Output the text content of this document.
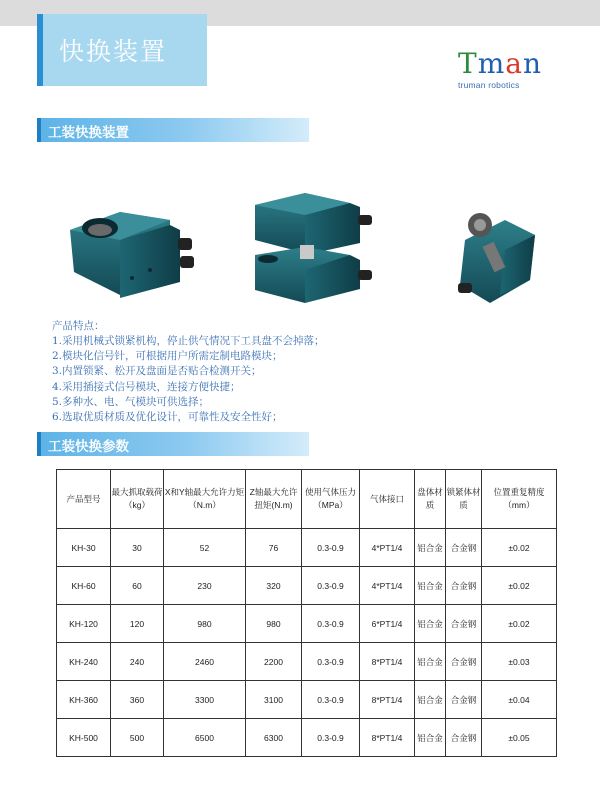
快换装置	Tman
truman robotics
工装快换装置
产品特点：
1.采用机械式锁紧机构，停止供气情况下工具盘不会掉落；
2.模块化信号针，可根据用户所需定制电路模块；
3.内置锁紧、松开及盘面是否贴合检测开关；
4.采用插接式信号模块，连接方便快捷；
5.多种水、电、气模块可供选择；
6.选取优质材质及优化设计，可靠性及安全性好；
工装快换参数
产品型号	最大抓取载荷（kg）	X和Y轴最大允许力矩（N.m）	Z轴最大允许扭矩(N.m)	使用气体压力（MPa）	气体接口	盘体材质	锁紧体材质	位置重复精度（mm）
KH-30	30	52	76	0.3-0.9	4*PT1/4	铝合金	合金钢	±0.02
KH-60	60	230	320	0.3-0.9	4*PT1/4	铝合金	合金钢	±0.02
KH-120	120	980	980	0.3-0.9	6*PT1/4	铝合金	合金钢	±0.02
KH-240	240	2460	2200	0.3-0.9	8*PT1/4	铝合金	合金钢	±0.03
KH-360	360	3300	3100	0.3-0.9	8*PT1/4	铝合金	合金钢	±0.04
KH-500	500	6500	6300	0.3-0.9	8*PT1/4	铝合金	合金钢	±0.05
